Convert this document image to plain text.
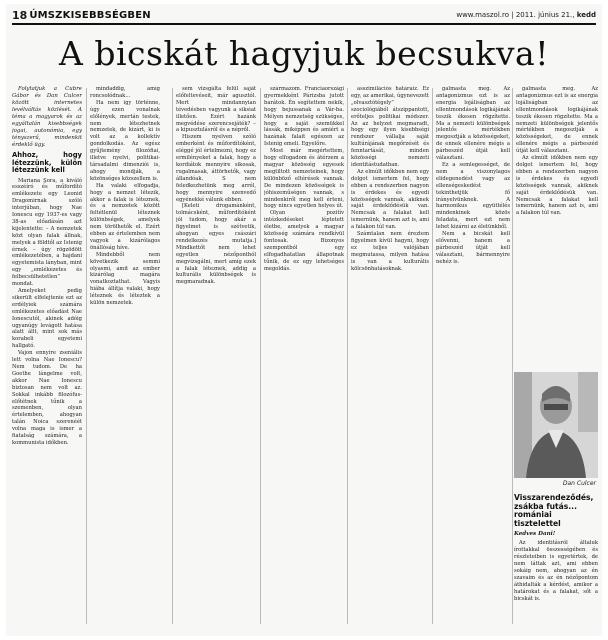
18 ÚMSZKISEBBSÉGBEN	www.maszol.ro | 2011. június 21., kedd
A bicskát hagyjuk becsukva!

Folytatjuk a Cubre Gábor és Dan Culcer között internetes levélváltás közlését. A téma a magyarok és az egyáltalán kisebbségek jogai, autonómia, egy tényszerű, mindenkit érdeklő ügy.

Ahhoz, hogy létezzünk, külön létezzünk kell

Mariana Şora, a kiváló esszéíró és műfordító emlékezete egy Leonid Dragomirnak szóló interjúban, hogy Nae Ionescu egy 1937-es vagy 38-as előadásán azt kijelentette: – A nemzetek közt olyan falak állnak, melyek a földtől az Istenig érnek – úgy rögzödött emlékezetében, a hajdani egyetemista lányban, mint egy „emlékezetes és felbecsülhetetlen” mondat.

Amelyeket pedig sikerült elfelejtenie ezt az erdélyiek számára emlékezetes előadást Nae Ionescutól, akinek adóig ugyanúgy levágott hatása alatt állt, mint sok más korabeli egyetemi hallgató.

Vajon ennyire zseniális lett volna Nae Ionescu? Nem tudom. De ha Goethe lángelme volt, akkor Nae Ionescu biztosan nem volt az. Sokkal inkább filozófus-előtétnek tűnik a szemenben, olyan értelemben, ahogyan talán Noica szerenéét volna maga is ismer a fiatalság számára, a kommunista időkben.

mindaddig, amíg roncsolódnak...

Ha nem igy történne, úgy ezen vonalnak előlények, mertán testek, nem létezhetnek nemzetek, de kizárt, ki is volt az a kollektív gondolkodás. Az egész gyűjtemény filozófiai, illetve nyelvi, politikai-társadalmi dimenziói is, ahogy mondják, a közönséges közszellem is.

Ha valaki elfogadja, hogy a nemzet létezik, akkor a falak is léteznek, és a nemzetek között feltétlenül léteznek különbségek, amelyek nem törölhetők el. Ezért ebben az értelemben nem vagyok a kizárólagos önállóság híve.

Mindebből nem következik semmi olyasmi, amit az ember kizárólag magára vonatkoztathat. Vagyis hiába állítja valaki, hogy léteznek és léteztek a külön nemzetek.

sem vizsgálta felül saját előfeltevéseit, már agusztól. Mert mindannyian tévedésben vagyunk a siksiat illetően. Ezért hazánk megvédése szerencsejáték? – a kipusztulásról és a népről.

Hiszem nyelven szóló emberként és műfordítóként, eléggé jól értelmezni, hogy ez ermilényeket a falak, hogy a kordiátok mennyire sikosak, rugalmasak, áttörhetők, vagy állandóak. S nem feledkezhetünk meg arról, hogy mennyire szenvedő egyénekké válunk ebben.

[Keleti drogamánként, tolmácsként, műfordítóként jól tudom, hogy akár a figyelmet is szétvetik, ahogyan egyes császári rendelkezés mutatja.] Mindkettőt nem lehet egyetlen nézőpontból megvizsgálni, mert amíg ezek a falak léteznek, addig a kulturális különbségek is megmaradnak.

származom. Franciaországi gyermekként Párizsba jutott barátok. Én segítettem nekik, hogy bejussanak a Vár-ba. Mélyen nemzetség szükséges, hogy a saját szemükkel lássák, miképpen és amiért a hazának falait egészen az Istenig emeli. Egyelőre.

Most már megértettem, hogy elfogadom és átérzem a magyar közösség egyesek megtiltott nemzeteinek, hogy különböző eltérések vannak. De mindezen közösségek is jóhiszeműségen vannak, s mindenkiről meg kell érteni, hogy nincs egyetlen helyes út.

Olyan pozitív intézkedéseket léptetett életbe, amelyek a magyar közösség számára rendkívül fontosak. Bizonyos szempontból egy elfogadhatatlan állapotnak tűnik, de ez egy lehetséges megoldás.

asszimilációs határaiz. Ez egy, az amerikai, úgynevezett „olvasztótégely” szociológiából átszippantott, erőteljes politikai módszer. Az az helyzet megmaradt, hogy egy ilyen kisebbségi rendszer vállalja saját kultúrájának megőrzését és fenntartását, minden közösségi nemzeti identitástudatban.

Az elmúlt időkben nem egy dolgot ismertem fel, hogy ebben a rendszerben nagyon is érdekes és egyedi közösségek vannak, akiknek saját érdeklődésük van. Nemcsak a falakat kell ismernünk, hanem azt is, ami a falakon túl van.

Számtalan nem éreztem figyelmen kívül hagyni, hogy ez teljes valójában megmutassa, milyen hatása is van a kulturális kölcsönhatásoknak.

galmasta meg. Az antagonizmus ezt is az energia lojáliságban az ellentmondások logikájának teszik ékesen rögzítette. Ma a nemzeti különbségek jelentős mértékben megosztják a közösségeket, de ennek ellenére mégis a párbeszéd útját kell választani.

Ez a semlegességet, de nem a viszonylagos elidegenedést vagy az ellenségeskedést tekinthetjük fő irányelvünknek. A harmonikus együttélés mindenkinek közös feladata, mert ezt nem lehet kizárni az életünkből.

Nem a bicskát kell elővenni, hanem a párbeszéd útját kell választani, bármennyire nehéz is.

galmasta meg. Az antagonizmus ezt is az energia lojáliságban az ellentmondások logikájának teszik ékesen rögzítette. Ma a nemzeti különbségek jelentős mértékben megosztják a közösségeket, de ennek ellenére mégis a párbeszéd útját kell választani.

Az elmúlt időkben nem egy dolgot ismertem fel, hogy ebben a rendszerben nagyon is érdekes és egyedi közösségek vannak, akiknek saját érdeklődésük van. Nemcsak a falakat kell ismernünk, hanem azt is, ami a falakon túl van.

Dan Culcer
Visszarendeződés, zsákba futás... romániai tisztelettel
Kedves Dani!

Az identitásról általuk írottakkal összességében és részleteiben is egyetértek, de nem láttak azt, ami ebben sokáig nem, ahogyan az én szavaim és az én nézőpontom áthidalták a kérdést, amikor a határokat és a falakat, sőt a bicskát is.
